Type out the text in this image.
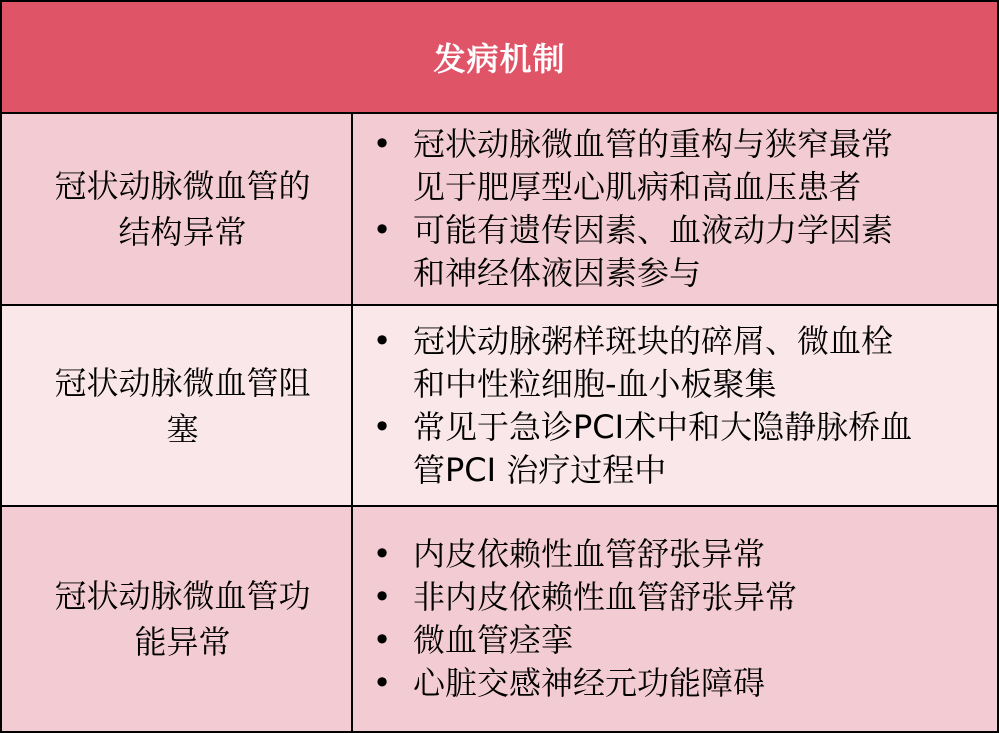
发病机制
冠状动脉微血管的
结构异常
• 冠状动脉微血管的重构与狭窄最常
见于肥厚型心肌病和高血压患者
• 可能有遗传因素、血液动力学因素
和神经体液因素参与
冠状动脉微血管阻
塞
• 冠状动脉粥样斑块的碎屑、微血栓
和中性粒细胞-血小板聚集
• 常见于急诊PCI术中和大隐静脉桥血
管PCI 治疗过程中
冠状动脉微血管功
能异常
• 内皮依赖性血管舒张异常
• 非内皮依赖性血管舒张异常
• 微血管痉挛
• 心脏交感神经元功能障碍
